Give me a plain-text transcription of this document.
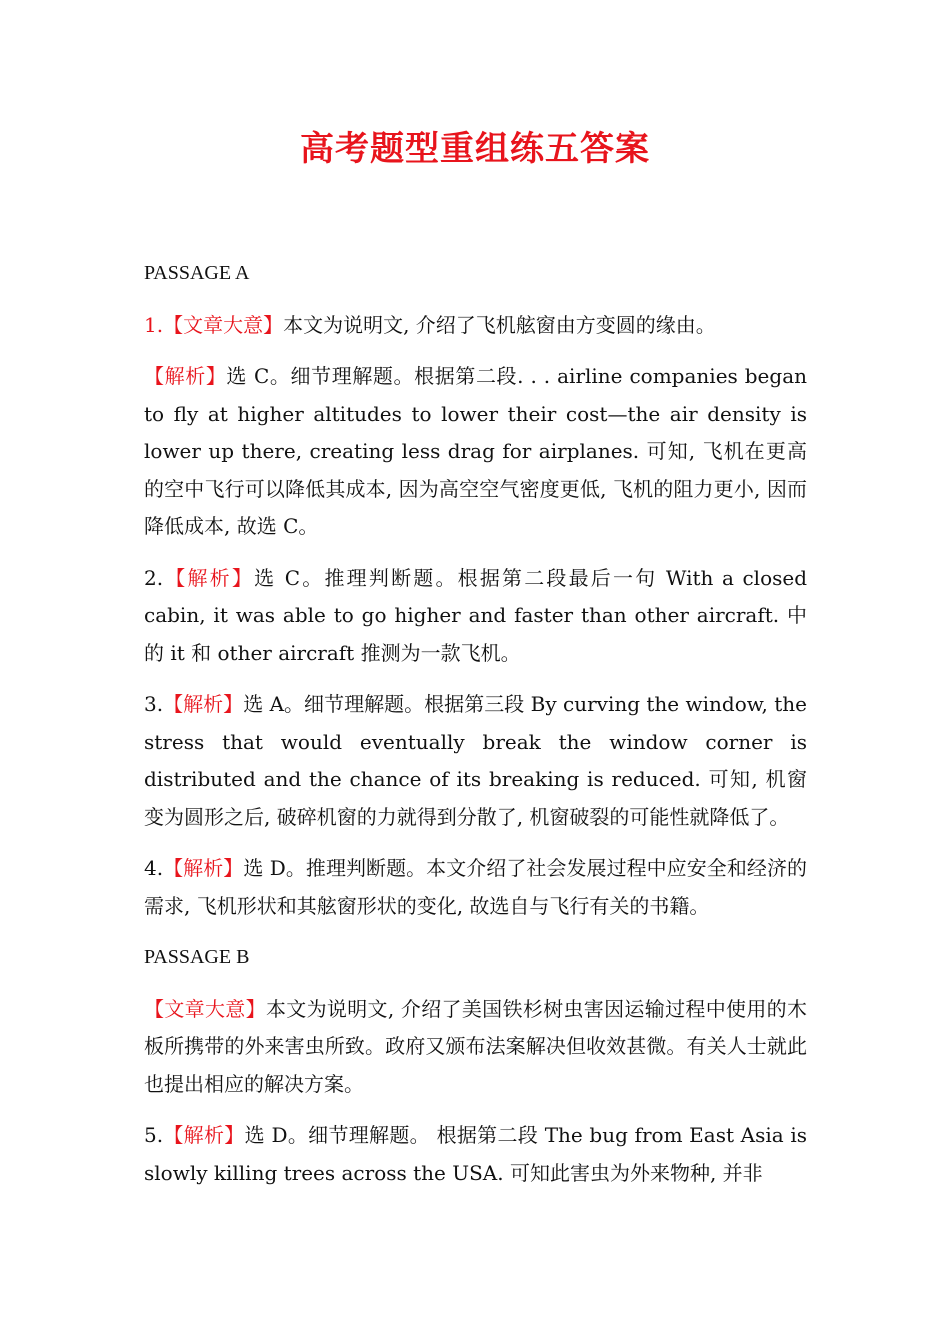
高考题型重组练五答案
PASSAGE A

1.【文章大意】本文为说明文, 介绍了飞机舷窗由方变圆的缘由。

【解析】选 C。细节理解题。根据第二段. . . airline companies began to fly at higher altitudes to lower their cost—the air density is lower up there, creating less drag for airplanes. 可知, 飞机在更高的空中飞行可以降低其成本, 因为高空空气密度更低, 飞机的阻力更小, 因而降低成本, 故选 C。

2.【解析】选 C。推理判断题。根据第二段最后一句 With a closed cabin, it was able to go higher and faster than other aircraft. 中的 it 和 other aircraft 推测为一款飞机。

3.【解析】选 A。细节理解题。根据第三段 By curving the window, the stress that would eventually break the window corner is distributed and the chance of its breaking is reduced. 可知, 机窗变为圆形之后, 破碎机窗的力就得到分散了, 机窗破裂的可能性就降低了。

4.【解析】选 D。推理判断题。本文介绍了社会发展过程中应安全和经济的需求, 飞机形状和其舷窗形状的变化, 故选自与飞行有关的书籍。

PASSAGE B

【文章大意】本文为说明文, 介绍了美国铁杉树虫害因运输过程中使用的木板所携带的外来害虫所致。政府又颁布法案解决但收效甚微。有关人士就此也提出相应的解决方案。

5.【解析】选 D。细节理解题。 根据第二段 The bug from East Asia is slowly killing trees across the USA. 可知此害虫为外来物种, 并非
